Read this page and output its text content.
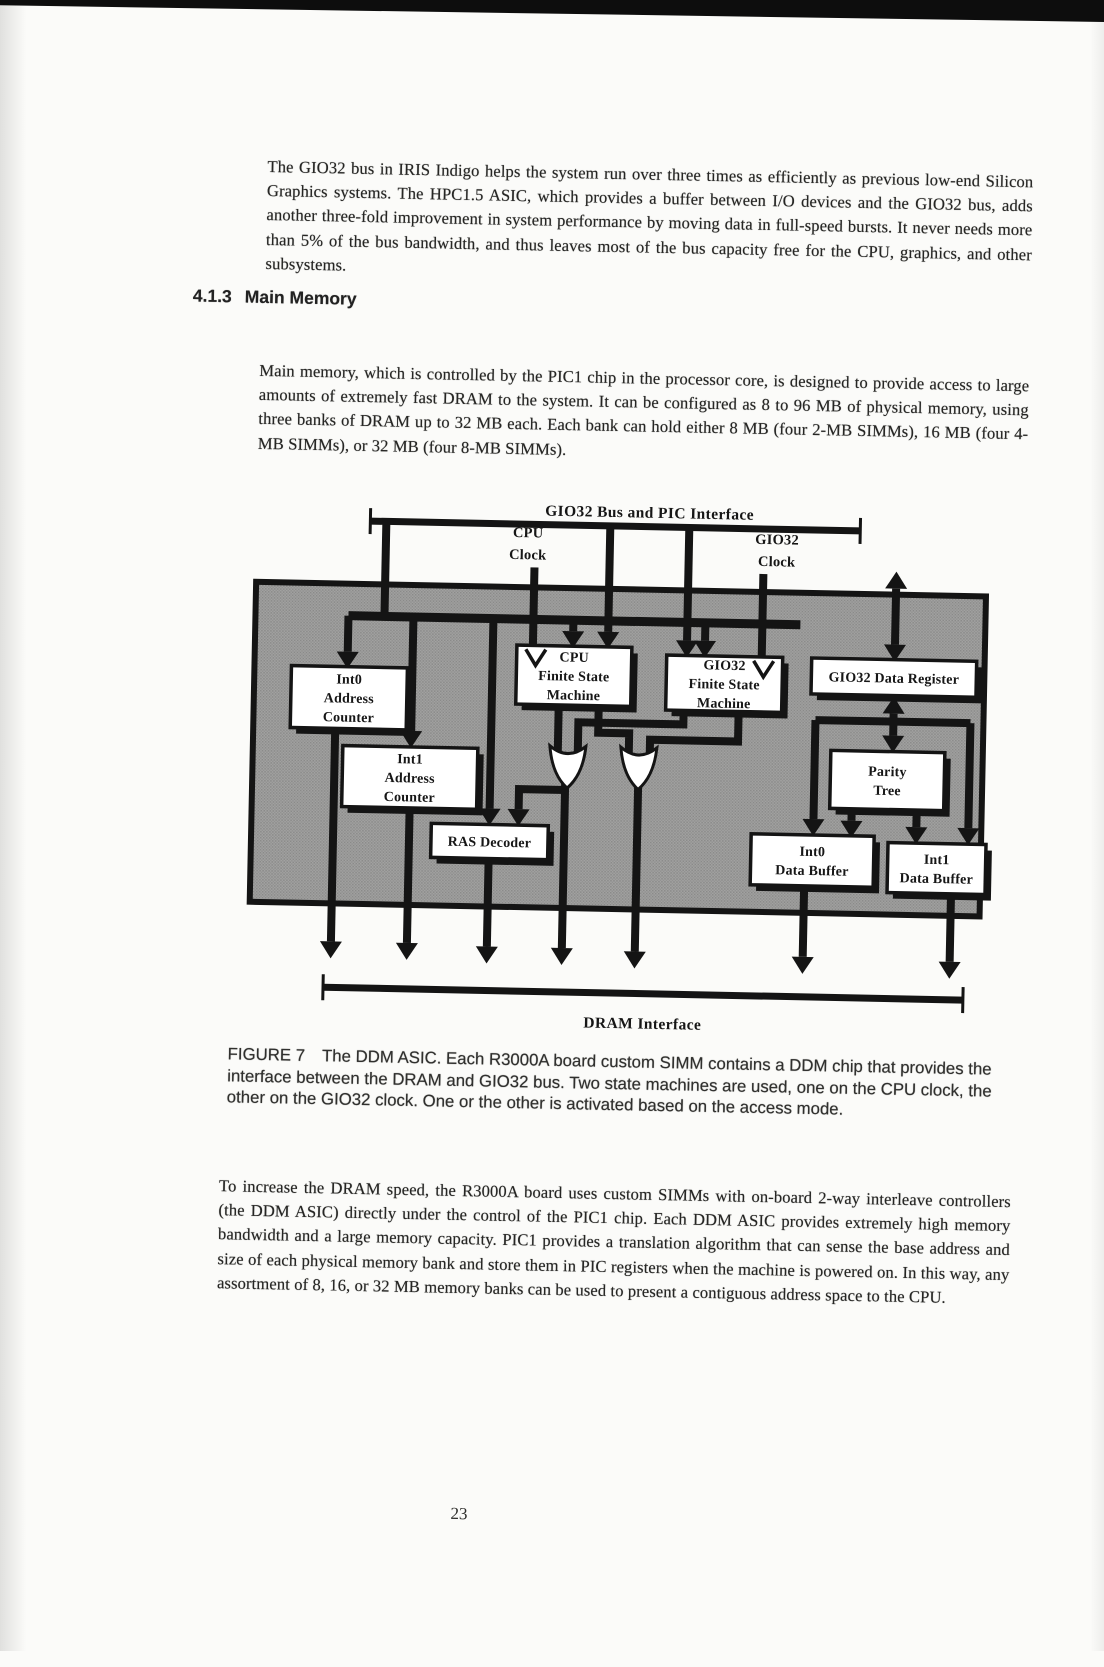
The GIO32 bus in IRIS Indigo helps the system run over three times as efficiently as previous low-end Silicon Graphics systems. The HPC1.5 ASIC, which provides a buffer between I/O devices and the GIO32 bus, adds another three-fold improvement in system performance by moving data in full-speed bursts. It never needs more than 5% of the bus bandwidth, and thus leaves most of the bus capacity free for the CPU, graphics, and other subsystems.

4.1.3 Main Memory

Main memory, which is controlled by the PIC1 chip in the processor core, is designed to provide access to large amounts of extremely fast DRAM to the system. It can be configured as 8 to 96 MB of physical memory, using three banks of DRAM up to 32 MB each. Each bank can hold either 8 MB (four 2-MB SIMMs), 16 MB (four 4-MB SIMMs), or 32 MB (four 8-MB SIMMs).

Int0
Address
Counter
Int1
Address
Counter
CPU
Finite State
Machine
GIO32
Finite State
Machine
GIO32 Data Register
Parity
Tree
RAS Decoder
Int0
Data Buffer
Int1
Data Buffer
GIO32 Bus and PIC Interface
CPU
Clock
GIO32
Clock
DRAM Interface
FIGURE 7 The DDM ASIC. Each R3000A board custom SIMM contains a DDM chip that provides the interface between the DRAM and GIO32 bus. Two state machines are used, one on the CPU clock, the other on the GIO32 clock. One or the other is activated based on the access mode.

To increase the DRAM speed, the R3000A board uses custom SIMMs with on-board 2-way interleave controllers (the DDM ASIC) directly under the control of the PIC1 chip. Each DDM ASIC provides extremely high memory bandwidth and a large memory capacity. PIC1 provides a translation algorithm that can sense the base address and size of each physical memory bank and store them in PIC registers when the machine is powered on. In this way, any assortment of 8, 16, or 32 MB memory banks can be used to present a contiguous address space to the CPU.

23
